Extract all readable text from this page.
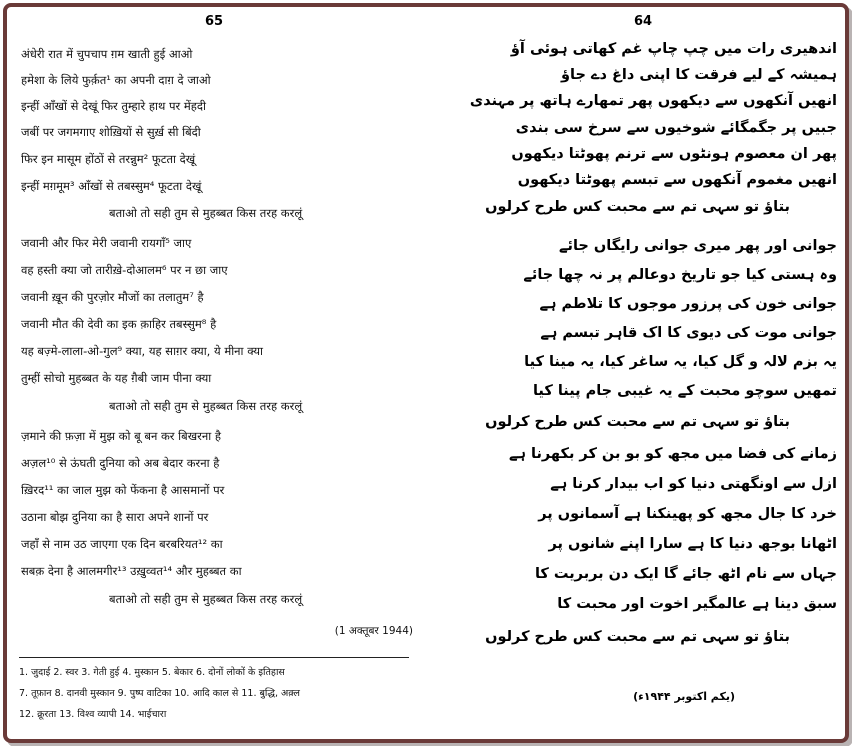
65
अंधेरी रात में चुपचाप ग़म खाती हुई आओ
हमेशा के लिये फुर्क़त¹ का अपनी दाग़ दे जाओ
इन्हीं आँखों से देखूं फिर तुम्हारे हाथ पर मेंहदी
जबीं पर जगमगाए शोख़ियों से सुर्ख़ सी बिंदी
फिर इन मासूम होंठों से तरन्नुम² फूटता देखूं
इन्हीं मग़मूम³ आँखों से तबस्सुम⁴ फूटता देखूं
बताओ तो सही तुम से मुहब्बत किस तरह करलूं
जवानी और फिर मेरी जवानी रायगाँ⁵ जाए
वह हस्ती क्या जो तारीख़े-दोआलम⁶ पर न छा जाए
जवानी ख़ून की पुरज़ोर मौजों का तलातुम⁷ है
जवानी मौत की देवी का इक क़ाहिर तबस्सुम⁸ है
यह बज़्मे-लाला-ओ-गुल⁹ क्या, यह साग़र क्या, ये मीना क्या
तुम्हीं सोचो मुहब्बत के यह ग़ैबी जाम पीना क्या
बताओ तो सही तुम से मुहब्बत किस तरह करलूं
ज़माने की फ़ज़ा में मुझ को बू बन कर बिखरना है
अज़ल¹⁰ से ऊंघती दुनिया को अब बेदार करना है
ख़िरद¹¹ का जाल मुझ को फेंकना है आसमानों पर
उठाना बोझ दुनिया का है सारा अपने शानों पर
जहाँ से नाम उठ जाएगा एक दिन बरबरियत¹² का
सबक़ देना है आलमगीर¹³ उख़ुव्वत¹⁴ और मुहब्बत का
बताओ तो सही तुम से मुहब्बत किस तरह करलूं
(1 अक्तूबर 1944)
1. जुदाई 2. स्वर 3. गेती हुई 4. मुस्कान 5. बेकार 6. दोनों लोकों के इतिहास
7. तूफ़ान 8. दानवी मुस्कान 9. पुष्प वाटिका 10. आदि काल से 11. बुद्धि, अक़्ल
12. क्रूरता 13. विश्व व्यापी 14. भाईचारा
64
اندھیری رات میں چپ چاپ غم کھاتی ہوئی آؤ
ہمیشہ کے لیے فرقت کا اپنی داغ دے جاؤ
انھیں آنکھوں سے دیکھوں پھر تمھارے ہاتھ پر مہندی
جبیں پر جگمگائے شوخیوں سے سرخ سی بندی
پھر ان معصوم ہونٹوں سے ترنم پھوٹتا دیکھوں
انھیں مغموم آنکھوں سے تبسم پھوٹتا دیکھوں
بتاؤ تو سہی تم سے محبت کس طرح کرلوں
جوانی اور پھر میری جوانی رایگاں جائے
وہ ہستی کیا جو تاریخ دوعالم پر نہ چھا جائے
جوانی خون کی پرزور موجوں کا تلاطم ہے
جوانی موت کی دیوی کا اک قاہر تبسم ہے
یہ بزم لالہ و گل کیا، یہ ساغر کیا، یہ مینا کیا
تمھیں سوچو محبت کے یہ غیبی جام پینا کیا
بتاؤ تو سہی تم سے محبت کس طرح کرلوں
زمانے کی فضا میں مجھ کو بو بن کر بکھرنا ہے
ازل سے اونگھتی دنیا کو اب بیدار کرنا ہے
خرد کا جال مجھ کو پھینکنا ہے آسمانوں پر
اٹھانا بوجھ دنیا کا ہے سارا اپنے شانوں پر
جہاں سے نام اٹھ جائے گا ایک دن بربریت کا
سبق دینا ہے عالمگیر اخوت اور محبت کا
بتاؤ تو سہی تم سے محبت کس طرح کرلوں
(یکم اکتوبر ۱۹۴۴ء)
